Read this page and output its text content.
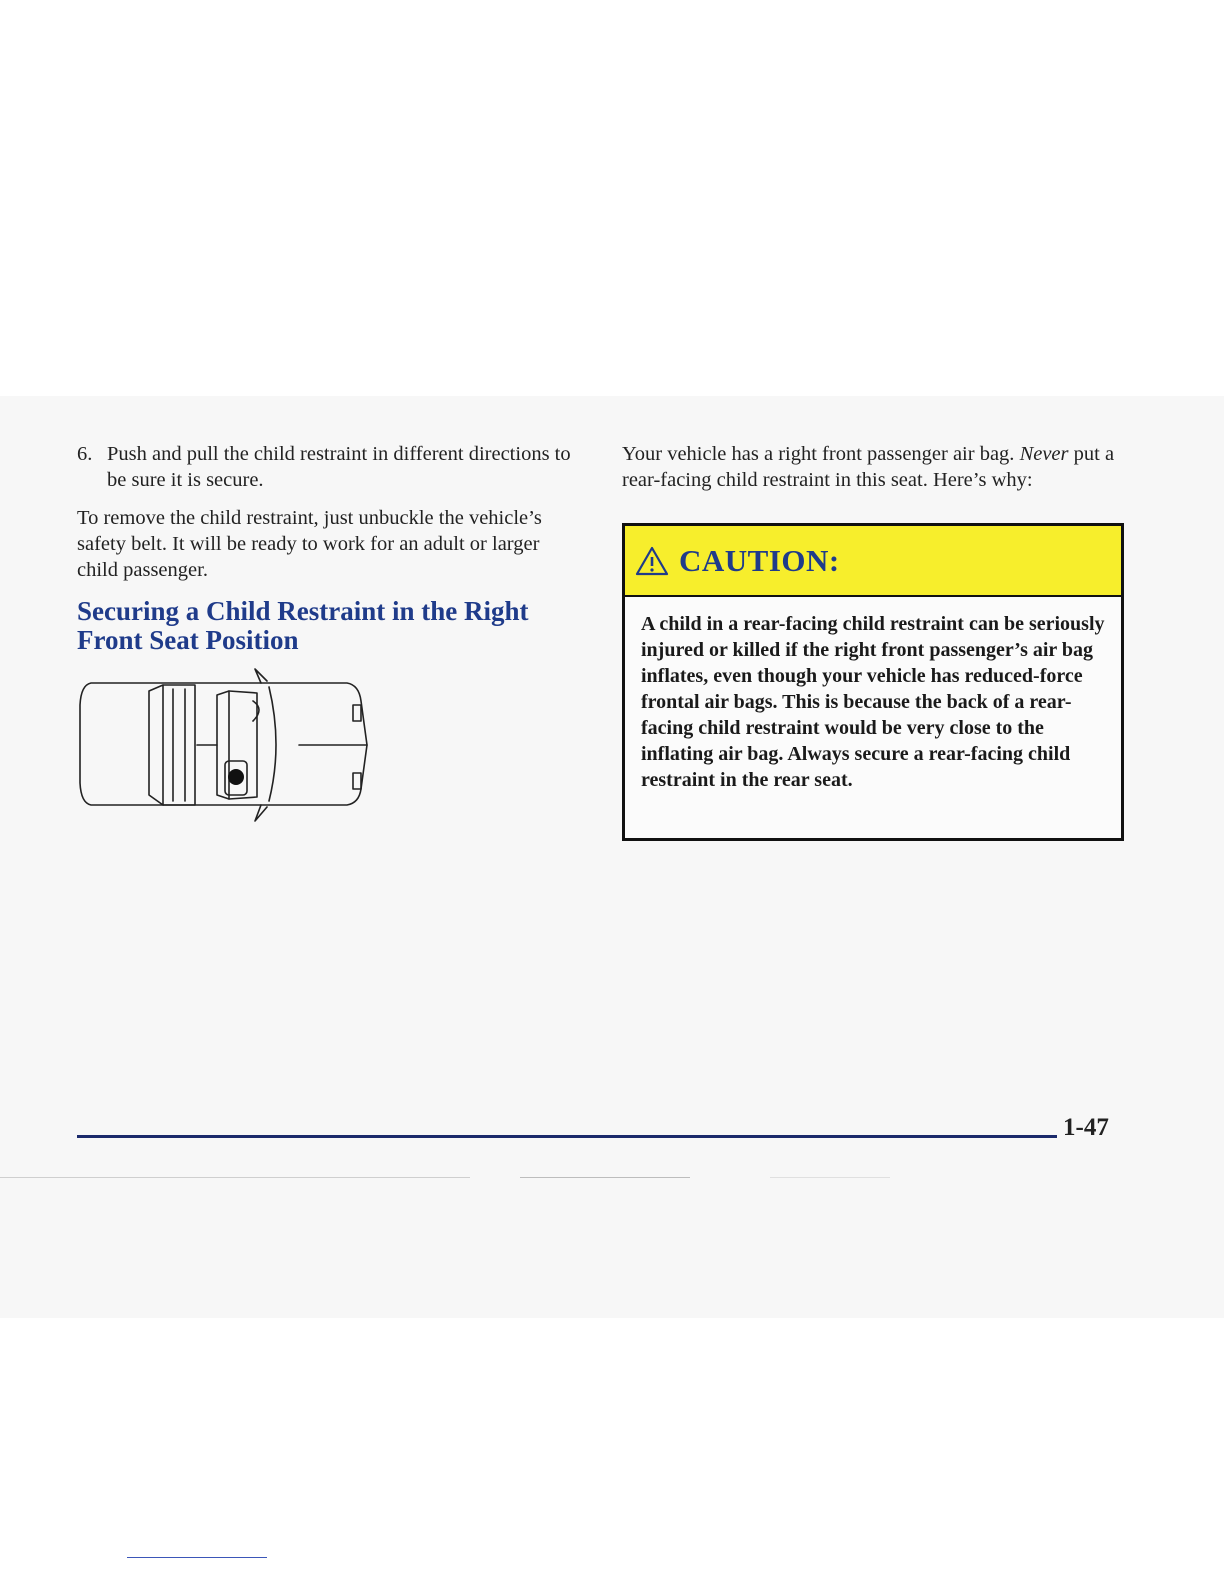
6. Push and pull the child restraint in different directions to be sure it is secure.

To remove the child restraint, just unbuckle the vehicle’s safety belt. It will be ready to work for an adult or larger child passenger.

Securing a Child Restraint in the Right Front Seat Position

Your vehicle has a right front passenger air bag. Never put a rear-facing child restraint in this seat. Here’s why:

CAUTION:
A child in a rear-facing child restraint can be seriously injured or killed if the right front passenger’s air bag inflates, even though your vehicle has reduced-force frontal air bags. This is because the back of a rear-facing child restraint would be very close to the inflating air bag. Always secure a rear-facing child restraint in the rear seat.
1-47
